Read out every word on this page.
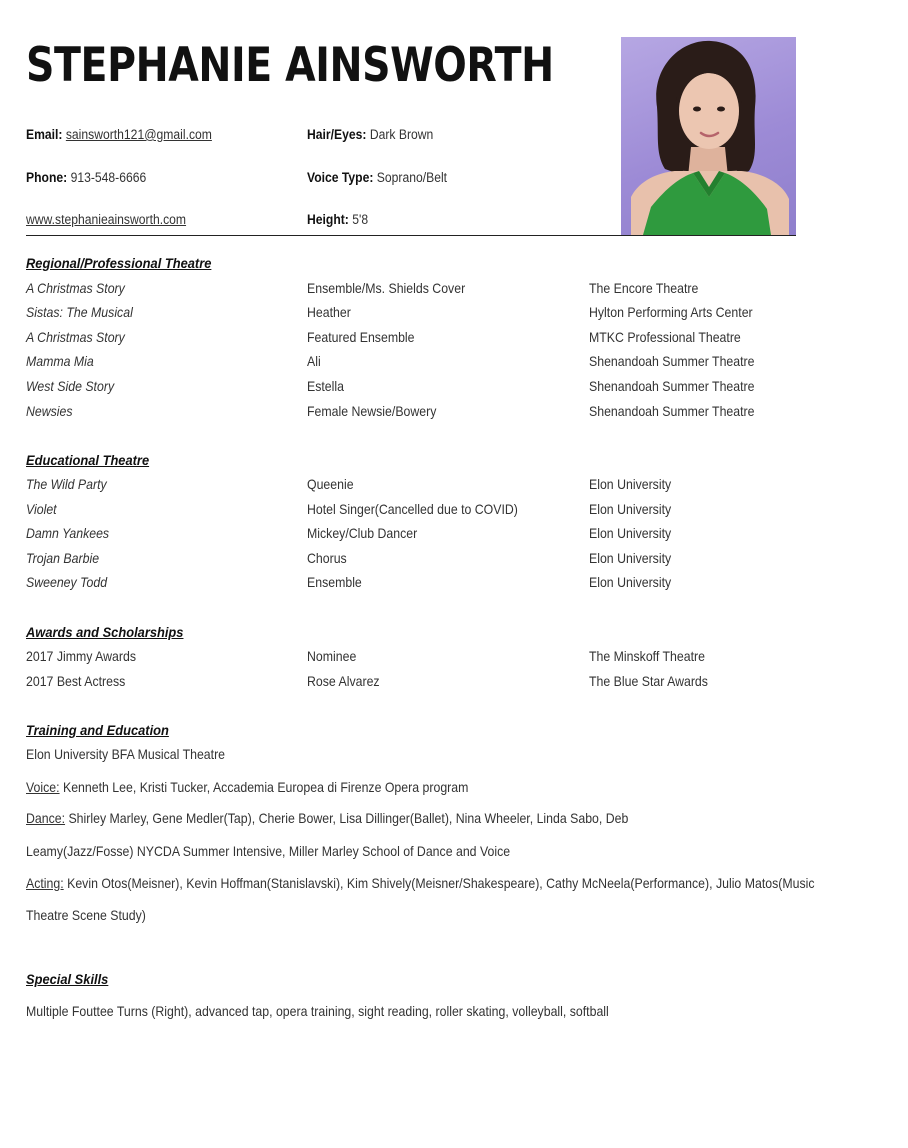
STEPHANIE AINSWORTH
Email: sainsworth121@gmail.com	Hair/Eyes: Dark Brown
Phone: 913-548-6666	Voice Type: Soprano/Belt
www.stephanieainsworth.com	Height: 5'8
Regional/Professional Theatre
A Christmas Story	Ensemble/Ms. Shields Cover	The Encore Theatre
Sistas: The Musical	Heather	Hylton Performing Arts Center
A Christmas Story	Featured Ensemble	MTKC Professional Theatre
Mamma Mia	Ali	Shenandoah Summer Theatre
West Side Story	Estella	Shenandoah Summer Theatre
Newsies	Female Newsie/Bowery	Shenandoah Summer Theatre
Educational Theatre
The Wild Party	Queenie	Elon University
Violet	Hotel Singer(Cancelled due to COVID)	Elon University
Damn Yankees	Mickey/Club Dancer	Elon University
Trojan Barbie	Chorus	Elon University
Sweeney Todd	Ensemble	Elon University
Awards and Scholarships
2017 Jimmy Awards	Nominee	The Minskoff Theatre
2017 Best Actress	Rose Alvarez	The Blue Star Awards
Training and Education
Elon University BFA Musical Theatre
Voice: Kenneth Lee, Kristi Tucker, Accademia Europea di Firenze Opera program
Dance: Shirley Marley, Gene Medler(Tap), Cherie Bower, Lisa Dillinger(Ballet), Nina Wheeler, Linda Sabo, Deb
Leamy(Jazz/Fosse) NYCDA Summer Intensive, Miller Marley School of Dance and Voice
Acting: Kevin Otos(Meisner), Kevin Hoffman(Stanislavski), Kim Shively(Meisner/Shakespeare), Cathy McNeela(Performance), Julio Matos(Music
Theatre Scene Study)
Special Skills
Multiple Fouttee Turns (Right), advanced tap, opera training, sight reading, roller skating, volleyball, softball
